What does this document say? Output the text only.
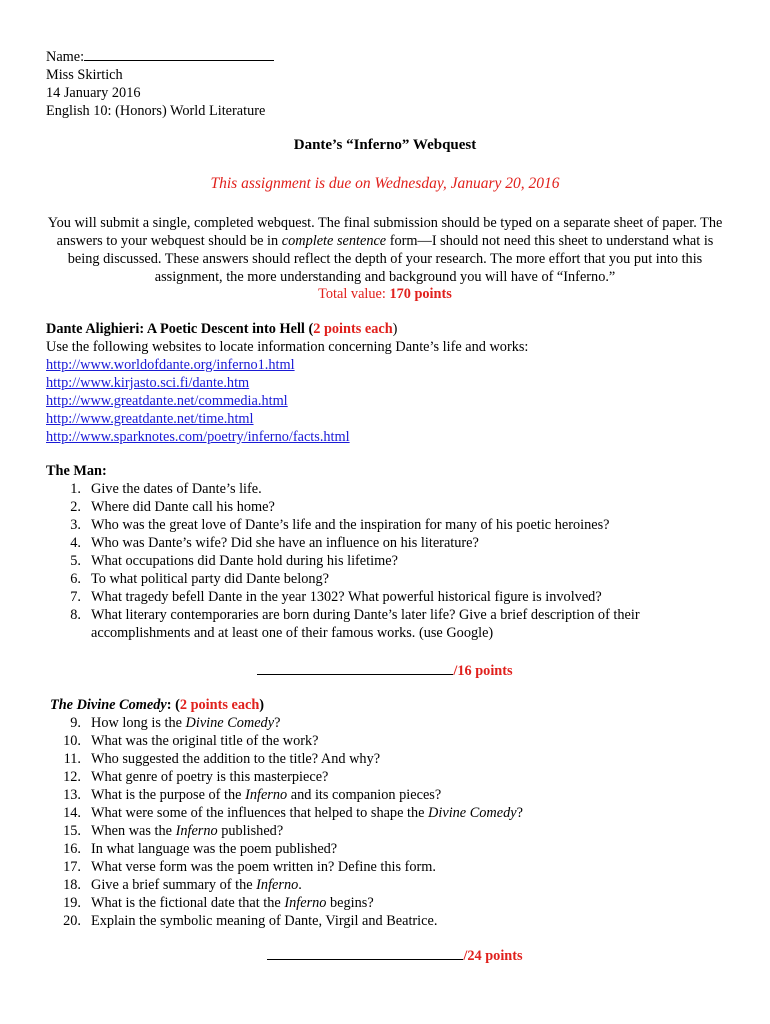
Name:
Miss Skirtich
14 January 2016
English 10: (Honors) World Literature
Dante’s “Inferno” Webquest
This assignment is due on Wednesday, January 20, 2016
You will submit a single, completed webquest. The final submission should be typed on a separate sheet of paper. The answers to your webquest should be in complete sentence form—I should not need this sheet to understand what is being discussed. These answers should reflect the depth of your research. The more effort that you put into this assignment, the more understanding and background you will have of “Inferno.”
Total value: 170 points
Dante Alighieri: A Poetic Descent into Hell (2 points each)
Use the following websites to locate information concerning Dante’s life and works:
http://www.worldofdante.org/inferno1.html
http://www.kirjasto.sci.fi/dante.htm
http://www.greatdante.net/commedia.html
http://www.greatdante.net/time.html
http://www.sparknotes.com/poetry/inferno/facts.html
The Man:
1. Give the dates of Dante’s life.
2. Where did Dante call his home?
3. Who was the great love of Dante’s life and the inspiration for many of his poetic heroines?
4. Who was Dante’s wife? Did she have an influence on his literature?
5. What occupations did Dante hold during his lifetime?
6. To what political party did Dante belong?
7. What tragedy befell Dante in the year 1302? What powerful historical figure is involved?
8. What literary contemporaries are born during Dante’s later life? Give a brief description of their accomplishments and at least one of their famous works. (use Google)
/16 points
The Divine Comedy: (2 points each)
9. How long is the Divine Comedy?
10. What was the original title of the work?
11. Who suggested the addition to the title? And why?
12. What genre of poetry is this masterpiece?
13. What is the purpose of the Inferno and its companion pieces?
14. What were some of the influences that helped to shape the Divine Comedy?
15. When was the Inferno published?
16. In what language was the poem published?
17. What verse form was the poem written in? Define this form.
18. Give a brief summary of the Inferno.
19. What is the fictional date that the Inferno begins?
20. Explain the symbolic meaning of Dante, Virgil and Beatrice.
/24 points
